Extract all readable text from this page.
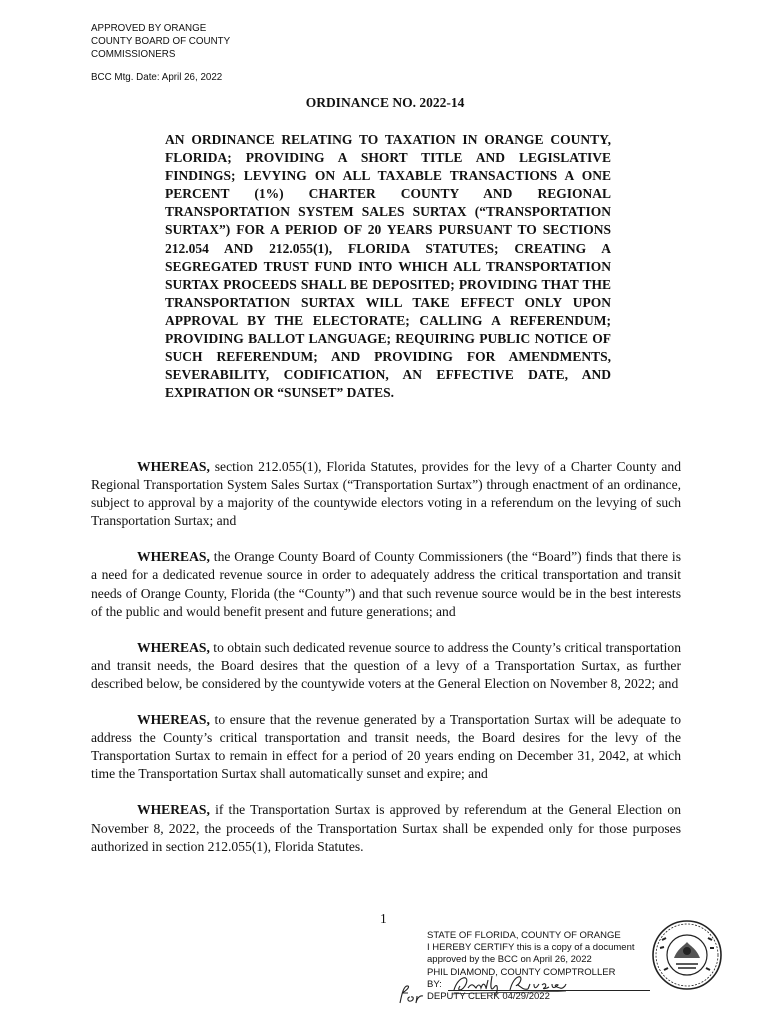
APPROVED BY ORANGE
COUNTY BOARD OF COUNTY
COMMISSIONERS
BCC Mtg. Date: April 26, 2022
ORDINANCE NO. 2022-14
AN ORDINANCE RELATING TO TAXATION IN ORANGE COUNTY, FLORIDA; PROVIDING A SHORT TITLE AND LEGISLATIVE FINDINGS; LEVYING ON ALL TAXABLE TRANSACTIONS A ONE PERCENT (1%) CHARTER COUNTY AND REGIONAL TRANSPORTATION SYSTEM SALES SURTAX (“TRANSPORTATION SURTAX”) FOR A PERIOD OF 20 YEARS PURSUANT TO SECTIONS 212.054 AND 212.055(1), FLORIDA STATUTES; CREATING A SEGREGATED TRUST FUND INTO WHICH ALL TRANSPORTATION SURTAX PROCEEDS SHALL BE DEPOSITED; PROVIDING THAT THE TRANSPORTATION SURTAX WILL TAKE EFFECT ONLY UPON APPROVAL BY THE ELECTORATE; CALLING A REFERENDUM; PROVIDING BALLOT LANGUAGE; REQUIRING PUBLIC NOTICE OF SUCH REFERENDUM; AND PROVIDING FOR AMENDMENTS, SEVERABILITY, CODIFICATION, AN EFFECTIVE DATE, AND EXPIRATION OR “SUNSET” DATES.

WHEREAS, section 212.055(1), Florida Statutes, provides for the levy of a Charter County and Regional Transportation System Sales Surtax (“Transportation Surtax”) through enactment of an ordinance, subject to approval by a majority of the countywide electors voting in a referendum on the levying of such Transportation Surtax; and

WHEREAS, the Orange County Board of County Commissioners (the “Board”) finds that there is a need for a dedicated revenue source in order to adequately address the critical transportation and transit needs of Orange County, Florida (the “County”) and that such revenue source would be in the best interests of the public and would benefit present and future generations; and

WHEREAS, to obtain such dedicated revenue source to address the County’s critical transportation and transit needs, the Board desires that the question of a levy of a Transportation Surtax, as further described below, be considered by the countywide voters at the General Election on November 8, 2022; and

WHEREAS, to ensure that the revenue generated by a Transportation Surtax will be adequate to address the County’s critical transportation and transit needs, the Board desires for the levy of the Transportation Surtax to remain in effect for a period of 20 years ending on December 31, 2042, at which time the Transportation Surtax shall automatically sunset and expire; and

WHEREAS, if the Transportation Surtax is approved by referendum at the General Election on November 8, 2022, the proceeds of the Transportation Surtax shall be expended only for those purposes authorized in section 212.055(1), Florida Statutes.

1
STATE OF FLORIDA, COUNTY OF ORANGE
I HEREBY CERTIFY this is a copy of a document
approved by the BCC on April 26, 2022
PHIL DIAMOND, COUNTY COMPTROLLER
BY:
DEPUTY CLERK 04/29/2022
